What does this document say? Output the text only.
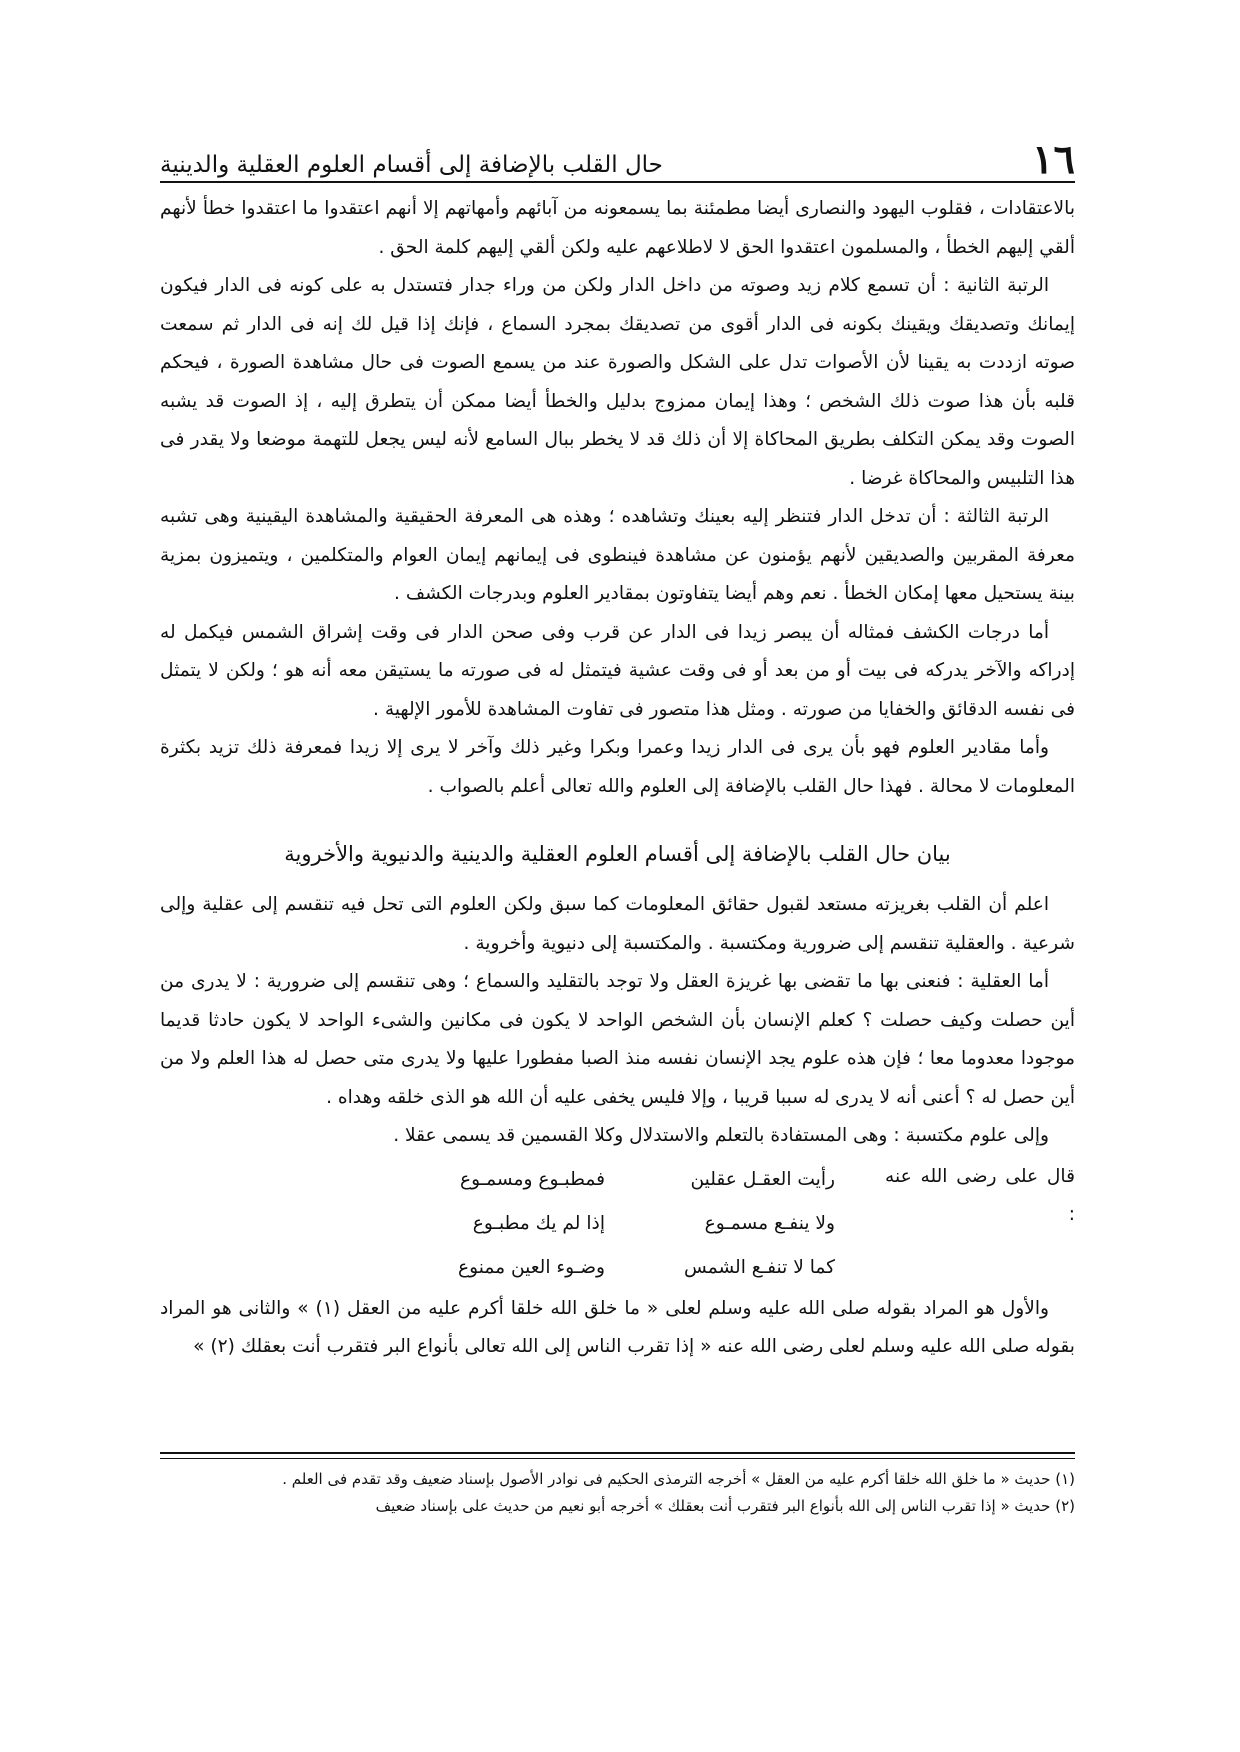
١٦
حال القلب بالإضافة إلى أقسام العلوم العقلية والدينية

بالاعتقادات ، فقلوب اليهود والنصارى أيضا مطمئنة بما يسمعونه من آبائهم وأمهاتهم إلا أنهم اعتقدوا ما اعتقدوا خطأ لأنهم ألقي إليهم الخطأ ، والمسلمون اعتقدوا الحق لا لاطلاعهم عليه ولكن ألقي إليهم كلمة الحق .

الرتبة الثانية : أن تسمع كلام زيد وصوته من داخل الدار ولكن من وراء جدار فتستدل به على كونه فى الدار فيكون إيمانك وتصديقك ويقينك بكونه فى الدار أقوى من تصديقك بمجرد السماع ، فإنك إذا قيل لك إنه فى الدار ثم سمعت صوته ازددت به يقينا لأن الأصوات تدل على الشكل والصورة عند من يسمع الصوت فى حال مشاهدة الصورة ، فيحكم قلبه بأن هذا صوت ذلك الشخص ؛ وهذا إيمان ممزوج بدليل والخطأ أيضا ممكن أن يتطرق إليه ، إذ الصوت قد يشبه الصوت وقد يمكن التكلف بطريق المحاكاة إلا أن ذلك قد لا يخطر ببال السامع لأنه ليس يجعل للتهمة موضعا ولا يقدر فى هذا التلبيس والمحاكاة غرضا .

الرتبة الثالثة : أن تدخل الدار فتنظر إليه بعينك وتشاهده ؛ وهذه هى المعرفة الحقيقية والمشاهدة اليقينية وهى تشبه معرفة المقربين والصديقين لأنهم يؤمنون عن مشاهدة فينطوى فى إيمانهم إيمان العوام والمتكلمين ، ويتميزون بمزية بينة يستحيل معها إمكان الخطأ . نعم وهم أيضا يتفاوتون بمقادير العلوم وبدرجات الكشف .

أما درجات الكشف فمثاله أن يبصر زيدا فى الدار عن قرب وفى صحن الدار فى وقت إشراق الشمس فيكمل له إدراكه والآخر يدركه فى بيت أو من بعد أو فى وقت عشية فيتمثل له فى صورته ما يستيقن معه أنه هو ؛ ولكن لا يتمثل فى نفسه الدقائق والخفايا من صورته . ومثل هذا متصور فى تفاوت المشاهدة للأمور الإلهية .

وأما مقادير العلوم فهو بأن يرى فى الدار زيدا وعمرا وبكرا وغير ذلك وآخر لا يرى إلا زيدا فمعرفة ذلك تزيد بكثرة المعلومات لا محالة . فهذا حال القلب بالإضافة إلى العلوم والله تعالى أعلم بالصواب .

بيان حال القلب بالإضافة إلى أقسام العلوم العقلية والدينية والدنيوية والأخروية

اعلم أن القلب بغريزته مستعد لقبول حقائق المعلومات كما سبق ولكن العلوم التى تحل فيه تنقسم إلى عقلية وإلى شرعية . والعقلية تنقسم إلى ضرورية ومكتسبة . والمكتسبة إلى دنيوية وأخروية .

أما العقلية : فنعنى بها ما تقضى بها غريزة العقل ولا توجد بالتقليد والسماع ؛ وهى تنقسم إلى ضرورية : لا يدرى من أين حصلت وكيف حصلت ؟ كعلم الإنسان بأن الشخص الواحد لا يكون فى مكانين والشىء الواحد لا يكون حادثا قديما موجودا معدوما معا ؛ فإن هذه علوم يجد الإنسان نفسه منذ الصبا مفطورا عليها ولا يدرى متى حصل له هذا العلم ولا من أين حصل له ؟ أعنى أنه لا يدرى له سببا قريبا ، وإلا فليس يخفى عليه أن الله هو الذى خلقه وهداه .

وإلى علوم مكتسبة : وهى المستفادة بالتعلم والاستدلال وكلا القسمين قد يسمى عقلا .

قال على رضى الله عنه :
رأيت العقـل عقلين
فمطبـوع ومسمـوع
ولا ينفـع مسمـوع
إذا لم يك مطبـوع
كما لا تنفـع الشمس
وضـوء العين ممنوع

والأول هو المراد بقوله صلى الله عليه وسلم لعلى « ما خلق الله خلقا أكرم عليه من العقل (١) » والثانى هو المراد بقوله صلى الله عليه وسلم لعلى رضى الله عنه « إذا تقرب الناس إلى الله تعالى بأنواع البر فتقرب أنت بعقلك (٢) »

(١) حديث « ما خلق الله خلقا أكرم عليه من العقل » أخرجه الترمذى الحكيم فى نوادر الأصول بإسناد ضعيف وقد تقدم فى العلم .

(٢) حديث « إذا تقرب الناس إلى الله بأنواع البر فتقرب أنت بعقلك » أخرجه أبو نعيم من حديث على بإسناد ضعيف
